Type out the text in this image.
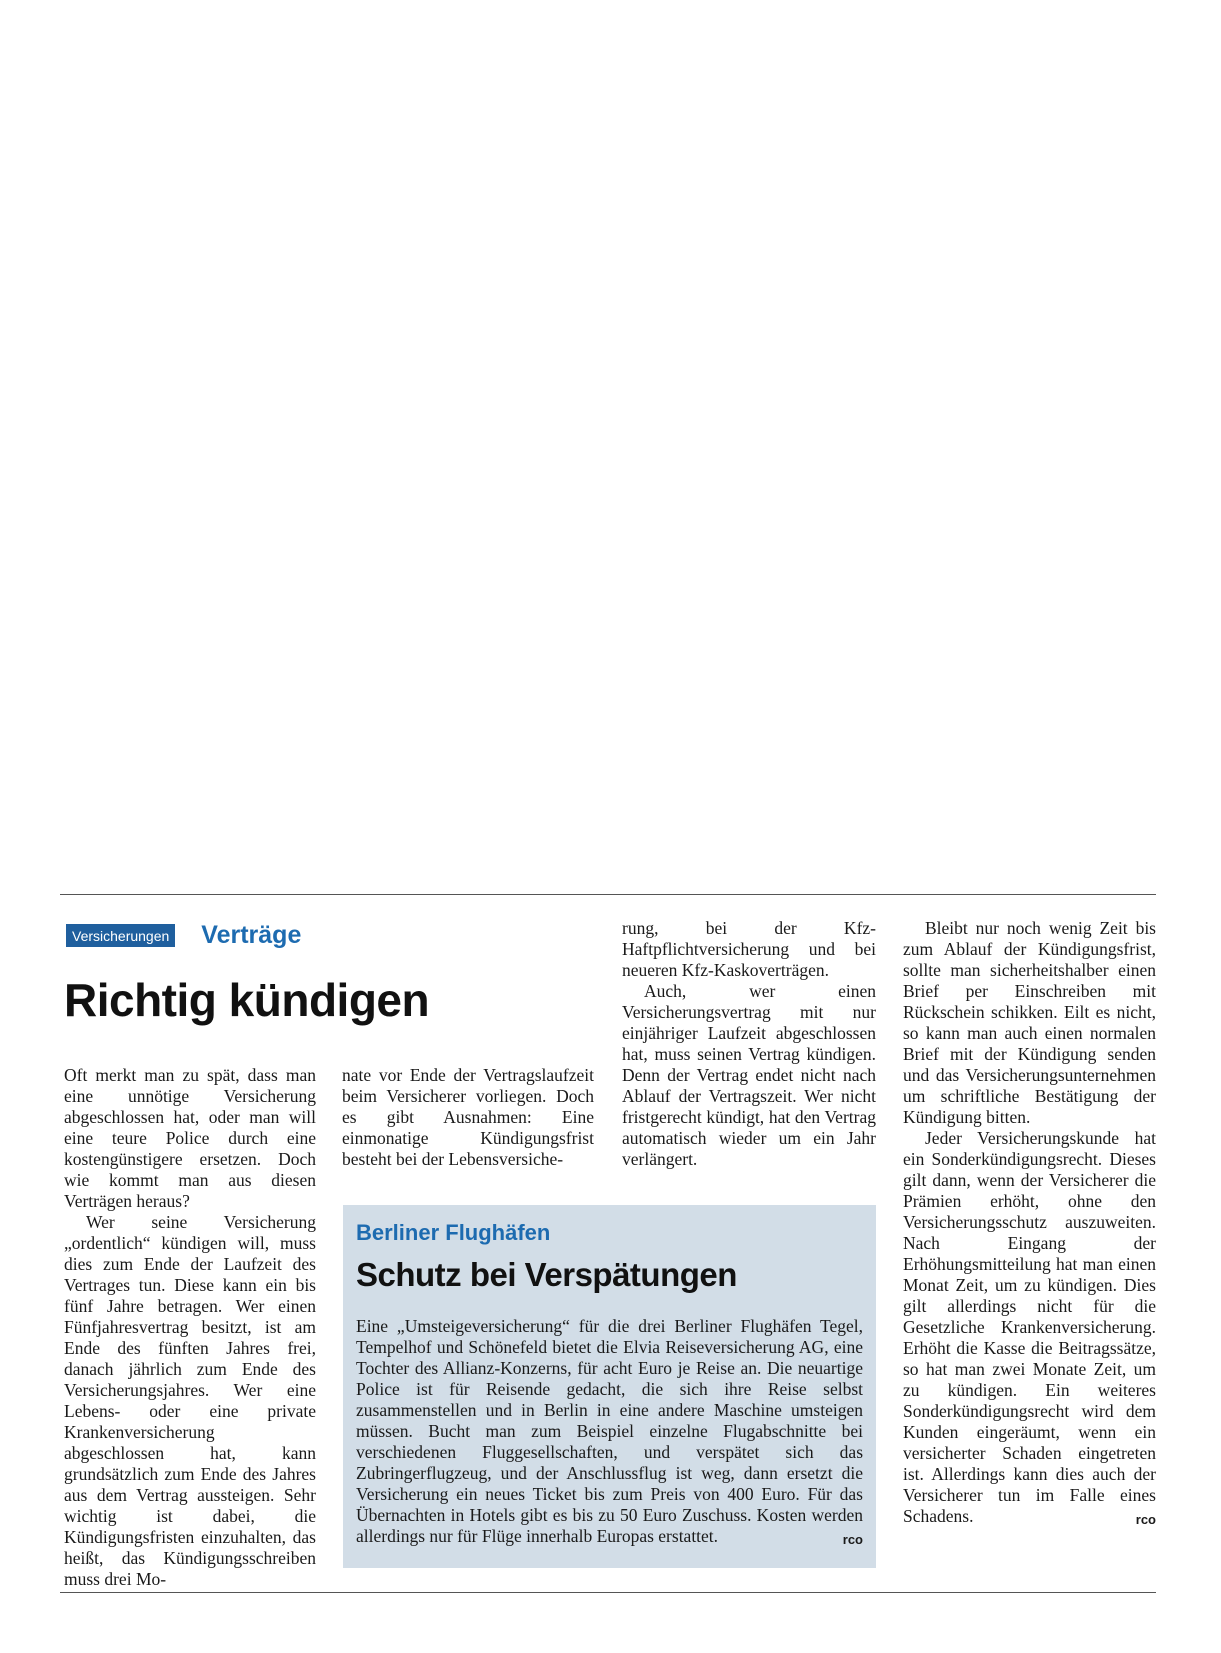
Versicherungen Verträge
Richtig kündigen

Oft merkt man zu spät, dass man eine unnötige Versicherung abgeschlossen hat, oder man will eine teure Police durch eine kostengünstigere ersetzen. Doch wie kommt man aus diesen Verträgen heraus?

Wer seine Versicherung „ordentlich“ kündigen will, muss dies zum Ende der Laufzeit des Vertrages tun. Diese kann ein bis fünf Jahre betragen. Wer einen Fünfjahresvertrag besitzt, ist am Ende des fünften Jahres frei, danach jährlich zum Ende des Versicherungsjahres. Wer eine Lebens- oder eine private Krankenversicherung abgeschlossen hat, kann grundsätzlich zum Ende des Jahres aus dem Vertrag aussteigen. Sehr wichtig ist dabei, die Kündigungsfristen einzuhalten, das heißt, das Kündigungsschreiben muss drei Mo-

nate vor Ende der Vertragslaufzeit beim Versicherer vorliegen. Doch es gibt Ausnahmen: Eine einmonatige Kündigungsfrist besteht bei der Lebensversiche-

rung, bei der Kfz-Haftpflichtversicherung und bei neueren Kfz-Kaskoverträgen.

Auch, wer einen Versicherungsvertrag mit nur einjähriger Laufzeit abgeschlossen hat, muss seinen Vertrag kündigen. Denn der Vertrag endet nicht nach Ablauf der Vertragszeit. Wer nicht fristgerecht kündigt, hat den Vertrag automatisch wieder um ein Jahr verlängert.

Bleibt nur noch wenig Zeit bis zum Ablauf der Kündigungsfrist, sollte man sicherheitshalber einen Brief per Einschreiben mit Rückschein schikken. Eilt es nicht, so kann man auch einen normalen Brief mit der Kündigung senden und das Versicherungsunternehmen um schriftliche Bestätigung der Kündigung bitten.

Jeder Versicherungskunde hat ein Sonderkündigungsrecht. Dieses gilt dann, wenn der Versicherer die Prämien erhöht, ohne den Versicherungsschutz auszuweiten. Nach Eingang der Erhöhungsmitteilung hat man einen Monat Zeit, um zu kündigen. Dies gilt allerdings nicht für die Gesetzliche Krankenversicherung. Erhöht die Kasse die Beitragssätze, so hat man zwei Monate Zeit, um zu kündigen. Ein weiteres Sonderkündigungsrecht wird dem Kunden eingeräumt, wenn ein versicherter Schaden eingetreten ist. Allerdings kann dies auch der Versicherer tun im Falle eines Schadens.	rco

Berliner Flughäfen
Schutz bei Verspätungen

Eine „Umsteigeversicherung“ für die drei Berliner Flughäfen Tegel, Tempelhof und Schönefeld bietet die Elvia Reiseversicherung AG, eine Tochter des Allianz-Konzerns, für acht Euro je Reise an. Die neuartige Police ist für Reisende gedacht, die sich ihre Reise selbst zusammenstellen und in Berlin in eine andere Maschine umsteigen müssen. Bucht man zum Beispiel einzelne Flugabschnitte bei verschiedenen Fluggesellschaften, und verspätet sich das Zubringerflugzeug, und der Anschlussflug ist weg, dann ersetzt die Versicherung ein neues Ticket bis zum Preis von 400 Euro. Für das Übernachten in Hotels gibt es bis zu 50 Euro Zuschuss. Kosten werden allerdings nur für Flüge innerhalb Europas erstattet.	rco
